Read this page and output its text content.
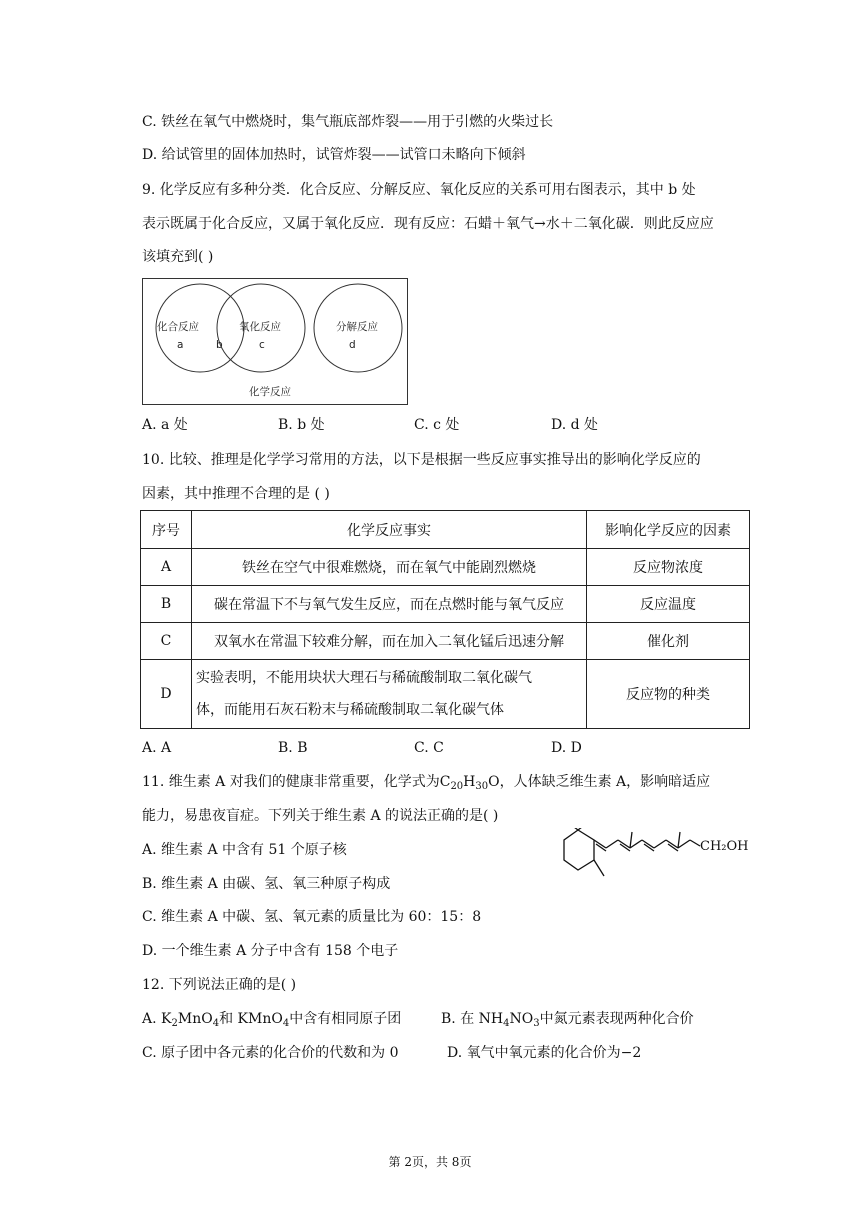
C. 铁丝在氧气中燃烧时，集气瓶底部炸裂——用于引燃的火柴过长
D. 给试管里的固体加热时，试管炸裂——试管口未略向下倾斜
9. 化学反应有多种分类．化合反应、分解反应、氧化反应的关系可用右图表示，其中 b 处
表示既属于化合反应，又属于氧化反应．现有反应：石蜡＋氧气→水＋二氧化碳．则此反应应
该填充到( )
化合反应
a	b
氧化反应
c
分解反应
d
化学反应
A. a 处	B. b 处	C. c 处	D. d 处
10. 比较、推理是化学学习常用的方法，以下是根据一些反应事实推导出的影响化学反应的
因素，其中推理不合理的是 ( )
序号	化学反应事实	影响化学反应的因素
A	铁丝在空气中很难燃烧，而在氧气中能剧烈燃烧	反应物浓度
B	碳在常温下不与氧气发生反应，而在点燃时能与氧气反应	反应温度
C	双氧水在常温下较难分解，而在加入二氧化锰后迅速分解	催化剂
D	实验表明，不能用块状大理石与稀硫酸制取二氧化碳气
体，而能用石灰石粉末与稀硫酸制取二氧化碳气体	反应物的种类
A. A	B. B	C. C	D. D
11. 维生素 A 对我们的健康非常重要，化学式为$C_{20}H_{30}O$，人体缺乏维生素 A，影响暗适应
能力，易患夜盲症。下列关于维生素 A 的说法正确的是( )
CH₂OH
A. 维生素 A 中含有 51 个原子核
B. 维生素 A 由碳、氢、氧三种原子构成
C. 维生素 A 中碳、氢、氧元素的质量比为 60：15：8
D. 一个维生素 A 分子中含有 158 个电子
12. 下列说法正确的是( )
A. $K_2MnO_4$和 KMnO$_4$中含有相同原子团	B. 在 $NH_4NO_3$中氮元素表现两种化合价
C. 原子团中各元素的化合价的代数和为 0	D. 氧气中氧元素的化合价为−2
第 2页，共 8页
